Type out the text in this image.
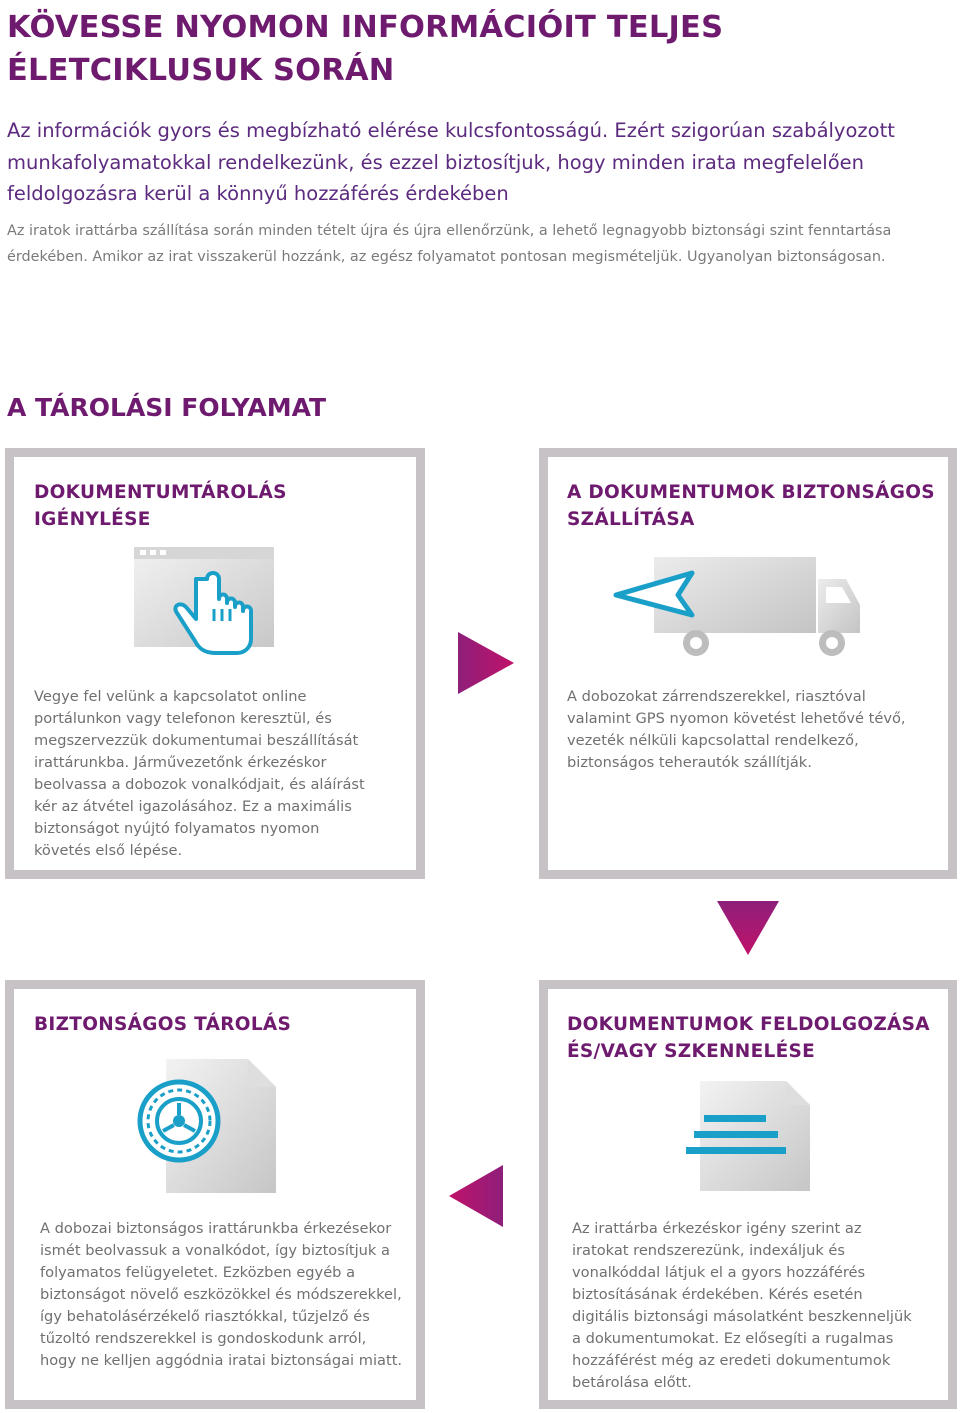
KÖVESSE NYOMON INFORMÁCIÓIT TELJES ÉLETCIKLUSUK SORÁN

Az információk gyors és megbízható elérése kulcsfontosságú. Ezért szigorúan szabályozott munkafolyamatokkal rendelkezünk, és ezzel biztosítjuk, hogy minden irata megfelelően feldolgozásra kerül a könnyű hozzáférés érdekében

Az iratok irattárba szállítása során minden tételt újra és újra ellenőrzünk, a lehető legnagyobb biztonsági szint fenntartása érdekében. Amikor az irat visszakerül hozzánk, az egész folyamatot pontosan megismételjük. Ugyanolyan biztonságosan.

A TÁROLÁSI FOLYAMAT
DOKUMENTUMTÁROLÁS IGÉNYLÉSE

Vegye fel velünk a kapcsolatot online portálunkon vagy telefonon keresztül, és megszervezzük dokumentumai beszállítását irattárunkba. Járművezetőnk érkezéskor beolvassa a dobozok vonalkódjait, és aláírást kér az átvétel igazolásához. Ez a maximális biztonságot nyújtó folyamatos nyomon követés első lépése.

A DOKUMENTUMOK BIZTONSÁGOS SZÁLLÍTÁSA

A dobozokat zárrendszerekkel, riasztóval valamint GPS nyomon követést lehetővé tévő, vezeték nélküli kapcsolattal rendelkező, biztonságos teherautók szállítják.

BIZTONSÁGOS TÁROLÁS

A dobozai biztonságos irattárunkba érkezésekor ismét beolvassuk a vonalkódot, így biztosítjuk a folyamatos felügyeletet. Ezközben egyéb a biztonságot növelő eszközökkel és módszerekkel, így behatolásérzékelő riasztókkal, tűzjelző és tűzoltó rendszerekkel is gondoskodunk arról, hogy ne kelljen aggódnia iratai biztonságai miatt.

DOKUMENTUMOK FELDOLGOZÁSA ÉS/VAGY SZKENNELÉSE

Az irattárba érkezéskor igény szerint az iratokat rendszerezünk, indexáljuk és vonalkóddal látjuk el a gyors hozzáférés biztosításának érdekében. Kérés esetén digitális biztonsági másolatként beszkenneljük a dokumentumokat. Ez elősegíti a rugalmas hozzáférést még az eredeti dokumentumok betárolása előtt.
